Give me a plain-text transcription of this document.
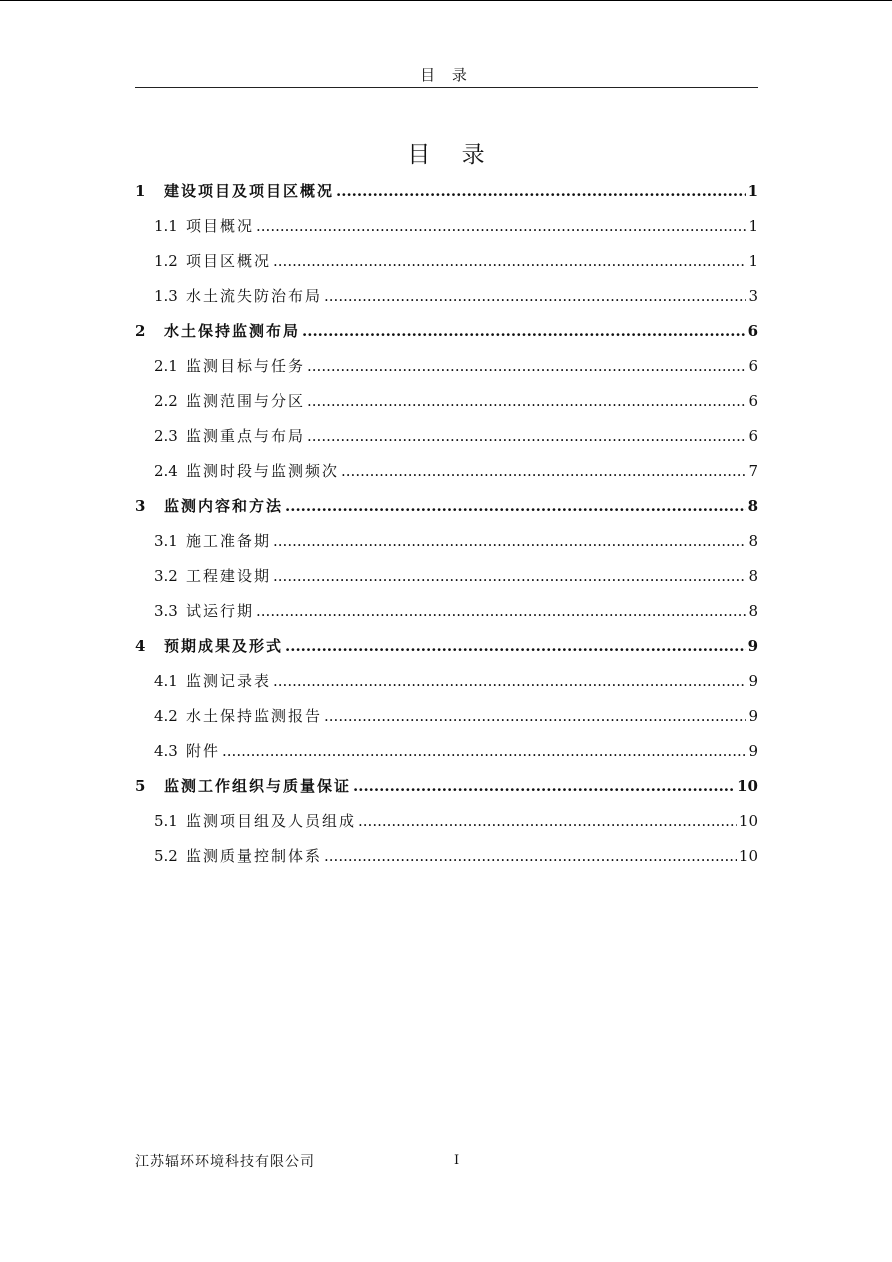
目 录
目 录
1	建设项目及项目区概况 .....	1
1.1 项目概况 .....	1
1.2 项目区概况 .....	1
1.3 水土流失防治布局 .....	3
2	水土保持监测布局 .....	6
2.1 监测目标与任务 .....	6
2.2 监测范围与分区 .....	6
2.3 监测重点与布局 .....	6
2.4 监测时段与监测频次 .....	7
3	监测内容和方法 .....	8
3.1 施工准备期 .....	8
3.2 工程建设期 .....	8
3.3 试运行期 .....	8
4	预期成果及形式 .....	9
4.1 监测记录表 .....	9
4.2 水土保持监测报告 .....	9
4.3 附件 .....	9
5	监测工作组织与质量保证 .....	10
5.1 监测项目组及人员组成 .....	10
5.2 监测质量控制体系 .....	10
江苏辐环环境科技有限公司	I
